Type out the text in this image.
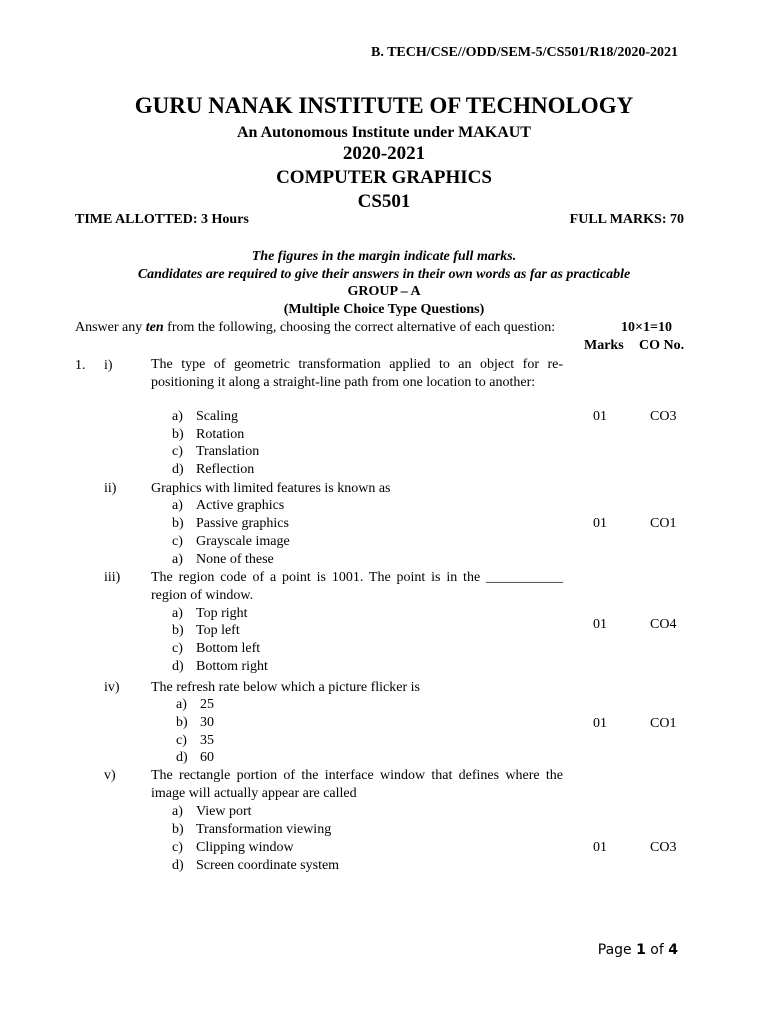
B. TECH/CSE//ODD/SEM-5/CS501/R18/2020-2021
GURU NANAK INSTITUTE OF TECHNOLOGY
An Autonomous Institute under MAKAUT
2020-2021
COMPUTER GRAPHICS
CS501
TIME ALLOTTED: 3 Hours	FULL MARKS: 70
The figures in the margin indicate full marks.
Candidates are required to give their answers in their own words as far as practicable
GROUP – A
(Multiple Choice Type Questions)
Answer any ten from the following, choosing the correct alternative of each question:	10×1=10
Marks CO No.
1. i)	The type of geometric transformation applied to an object for re-positioning it along a straight-line path from one location to another:
a) Scaling
b) Rotation
c) Translation
d) Reflection
01	CO3
ii) Graphics with limited features is known as
a) Active graphics
b) Passive graphics
c) Grayscale image
a) None of these
01	CO1
iii) The region code of a point is 1001. The point is in the ___________ region of window.
a) Top right
b) Top left
c) Bottom left
d) Bottom right
01	CO4
iv) The refresh rate below which a picture flicker is
a) 25
b) 30
c) 35
d) 60
01	CO1
v)	The rectangle portion of the interface window that defines where the image will actually appear are called
a) View port
b) Transformation viewing
c) Clipping window
d) Screen coordinate system
01	CO3
Page 1 of 4
